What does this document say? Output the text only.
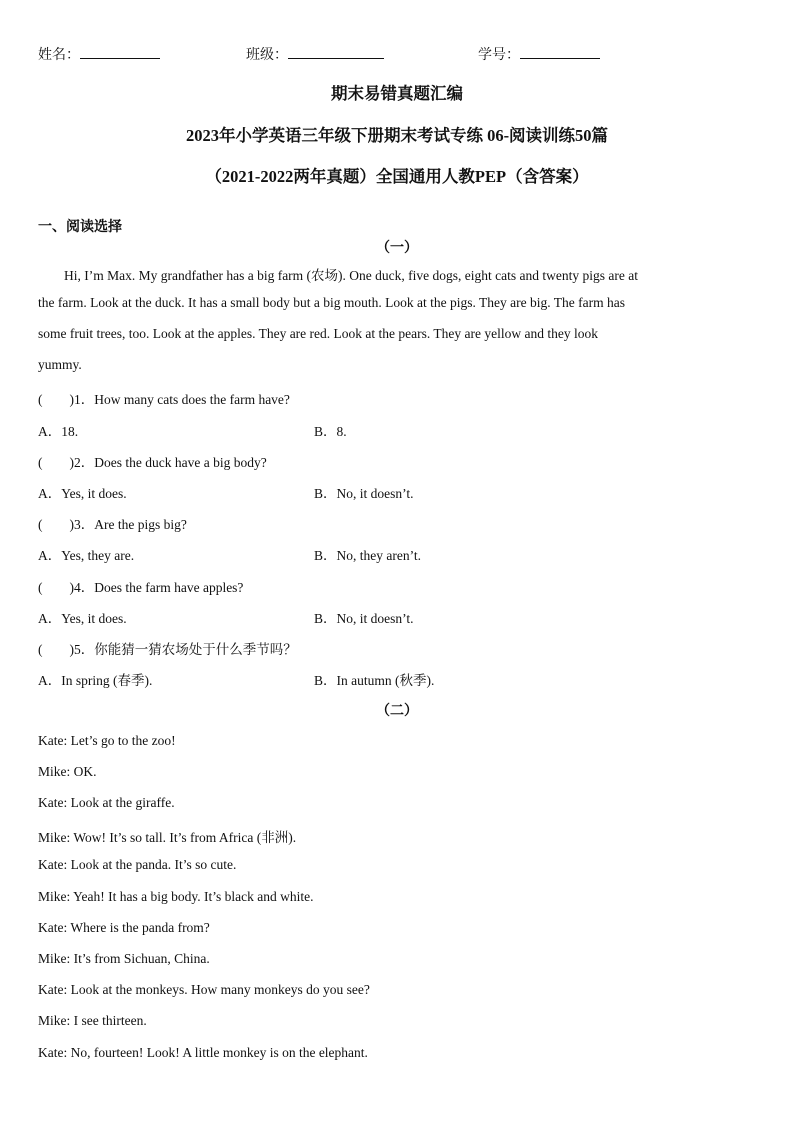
姓名：	班级：	学号：
期末易错真题汇编
2023年小学英语三年级下册期末考试专练 06-阅读训练50篇
（2021-2022两年真题）全国通用人教PEP（含答案）
一、阅读选择
（一）
Hi, I’m Max. My grandfather has a big farm (农场). One duck, five dogs, eight cats and twenty pigs are at
the farm. Look at the duck. It has a small body but a big mouth. Look at the pigs. They are big. The farm has
some fruit trees, too. Look at the apples. They are red. Look at the pears. They are yellow and they look
yummy.
(　　)1．How many cats does the farm have?
A．18.	B．8.
(　　)2．Does the duck have a big body?
A．Yes, it does.	B．No, it doesn’t.
(　　)3．Are the pigs big?
A．Yes, they are.	B．No, they aren’t.
(　　)4．Does the farm have apples?
A．Yes, it does.	B．No, it doesn’t.
(　　)5．你能猜一猜农场处于什么季节吗？
A．In spring (春季).	B．In autumn (秋季).
（二）
Kate: Let’s go to the zoo!
Mike: OK.
Kate: Look at the giraffe.
Mike: Wow! It’s so tall. It’s from Africa (非洲).
Kate: Look at the panda. It’s so cute.
Mike: Yeah! It has a big body. It’s black and white.
Kate: Where is the panda from?
Mike: It’s from Sichuan, China.
Kate: Look at the monkeys. How many monkeys do you see?
Mike: I see thirteen.
Kate: No, fourteen! Look! A little monkey is on the elephant.
